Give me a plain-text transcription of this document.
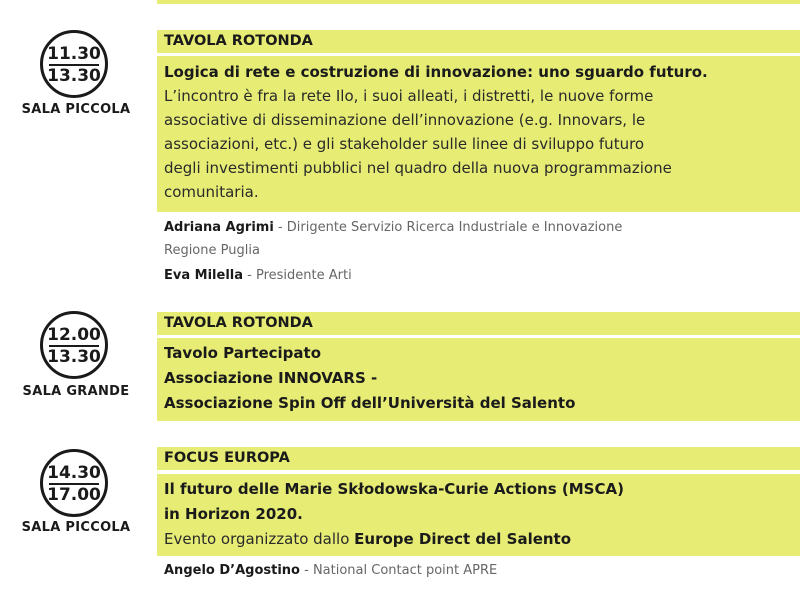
11.30
13.30
SALA PICCOLA
TAVOLA ROTONDA
Logica di rete e costruzione di innovazione: uno sguardo futuro.
L’incontro è fra la rete Ilo, i suoi alleati, i distretti, le nuove forme
associative di disseminazione dell’innovazione (e.g. Innovars, le
associazioni, etc.) e gli stakeholder sulle linee di sviluppo futuro
degli investimenti pubblici nel quadro della nuova programmazione
comunitaria.
Adriana Agrimi - Dirigente Servizio Ricerca Industriale e Innovazione
Regione Puglia
Eva Milella - Presidente Arti
12.00
13.30
SALA GRANDE
TAVOLA ROTONDA
Tavolo Partecipato
Associazione INNOVARS -
Associazione Spin Off dell’Università del Salento
14.30
17.00
SALA PICCOLA
FOCUS EUROPA
Il futuro delle Marie Skłodowska-Curie Actions (MSCA)
in Horizon 2020.
Evento organizzato dallo Europe Direct del Salento
Angelo D’Agostino - National Contact point APRE
